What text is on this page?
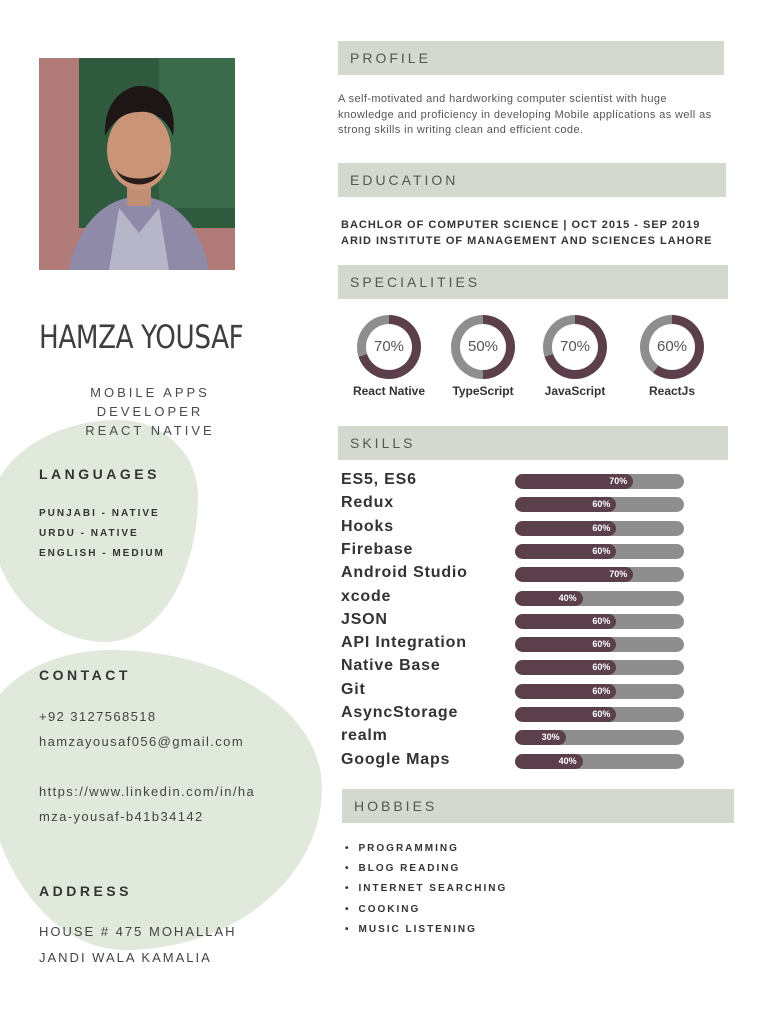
HAMZA YOUSAF
MOBILE APPS DEVELOPER
REACT NATIVE
LANGUAGES
PUNJABI - NATIVE
URDU - NATIVE
ENGLISH - MEDIUM
CONTACT
+92 3127568518
hamzayousaf056@gmail.com
https://www.linkedin.com/in/ha
mza-yousaf-b41b34142
ADDRESS
HOUSE # 475 MOHALLAH
JANDI WALA KAMALIA
PROFILE
A self-motivated and hardworking computer scientist with huge knowledge and proficiency in developing Mobile applications as well as strong skills in writing clean and efficient code.
EDUCATION
BACHLOR OF COMPUTER SCIENCE | OCT 2015 - SEP 2019
ARID INSTITUTE OF MANAGEMENT AND SCIENCES LAHORE
SPECIALITIES
70%
React Native
50%
TypeScript
70%
JavaScript
60%
ReactJs
SKILLS
ES5, ES6	70%
Redux	60%
Hooks	60%
Firebase	60%
Android Studio	70%
xcode	40%
JSON	60%
API Integration	60%
Native Base	60%
Git	60%
AsyncStorage	60%
realm	30%
Google Maps	40%
HOBBIES
• PROGRAMMING
• BLOG READING
• INTERNET SEARCHING
• COOKING
• MUSIC LISTENING
